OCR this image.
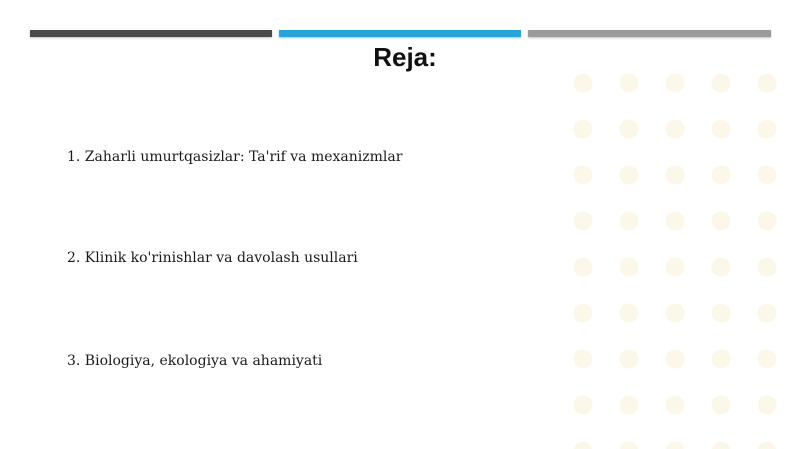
Reja:
1. Zaharli umurtqasizlar: Ta'rif va mexanizmlar
2. Klinik ko'rinishlar va davolash usullari
3. Biologiya, ekologiya va ahamiyati
